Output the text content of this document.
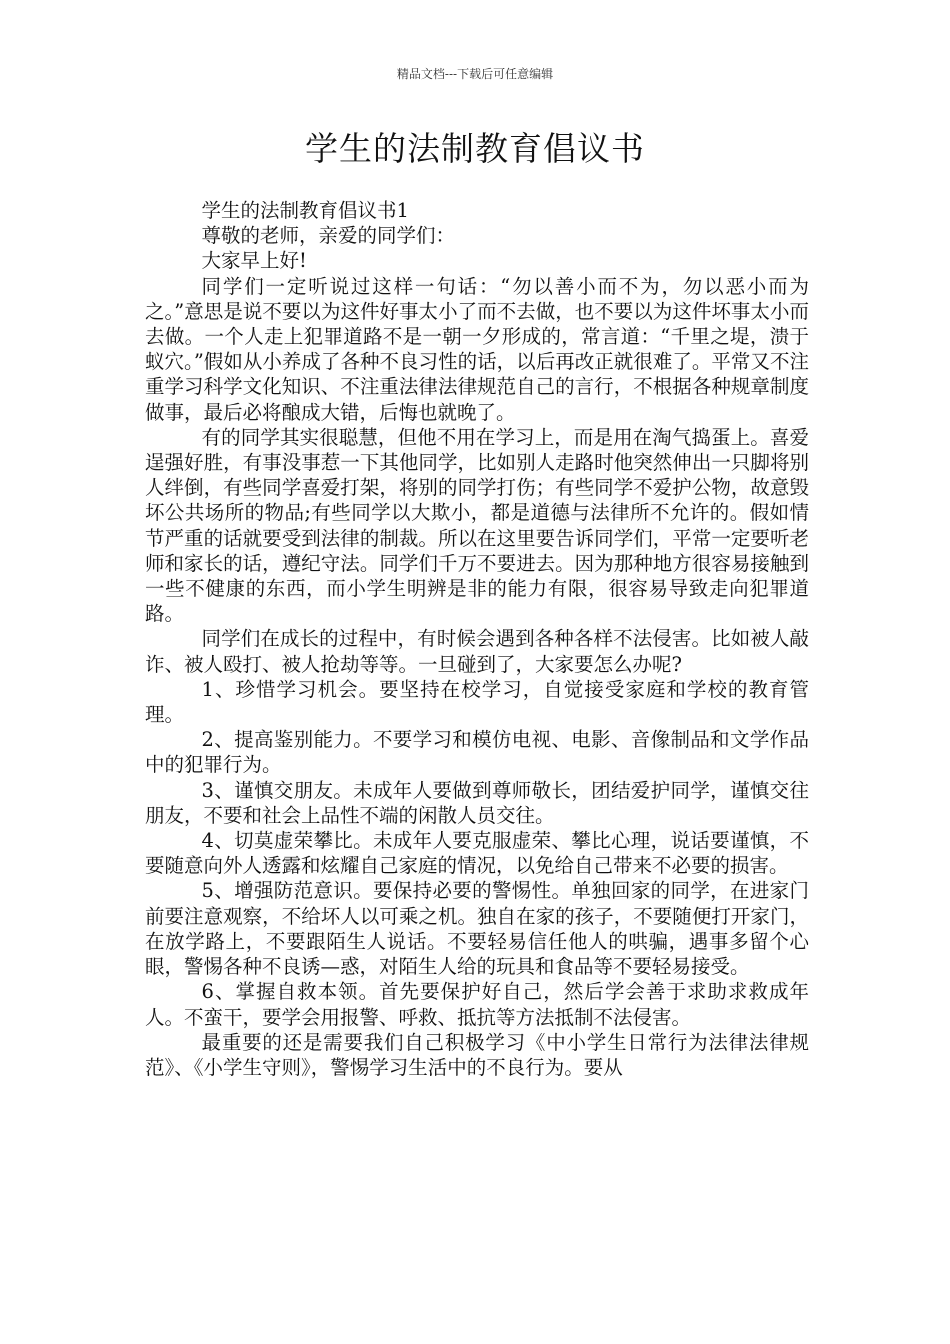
精品文档---下载后可任意编辑
学生的法制教育倡议书

学生的法制教育倡议书1

尊敬的老师，亲爱的同学们：

大家早上好!

同学们一定听说过这样一句话：“勿以善小而不为，勿以恶小而为之。”意思是说不要以为这件好事太小了而不去做，也不要以为这件坏事太小而去做。一个人走上犯罪道路不是一朝一夕形成的，常言道：“千里之堤，溃于蚁穴。”假如从小养成了各种不良习性的话，以后再改正就很难了。平常又不注重学习科学文化知识、不注重法律法律规范自己的言行，不根据各种规章制度做事，最后必将酿成大错，后悔也就晚了。

有的同学其实很聪慧，但他不用在学习上，而是用在淘气捣蛋上。喜爱逞强好胜，有事没事惹一下其他同学，比如别人走路时他突然伸出一只脚将别人绊倒，有些同学喜爱打架，将别的同学打伤；有些同学不爱护公物，故意毁坏公共场所的物品;有些同学以大欺小，都是道德与法律所不允许的。假如情节严重的话就要受到法律的制裁。所以在这里要告诉同学们，平常一定要听老师和家长的话，遵纪守法。同学们千万不要进去。因为那种地方很容易接触到一些不健康的东西，而小学生明辨是非的能力有限，很容易导致走向犯罪道路。

同学们在成长的过程中，有时候会遇到各种各样不法侵害。比如被人敲诈、被人殴打、被人抢劫等等。一旦碰到了，大家要怎么办呢?

1、珍惜学习机会。要坚持在校学习，自觉接受家庭和学校的教育管理。

2、提高鉴别能力。不要学习和模仿电视、电影、音像制品和文学作品中的犯罪行为。

3、谨慎交朋友。未成年人要做到尊师敬长，团结爱护同学，谨慎交往朋友，不要和社会上品性不端的闲散人员交往。

4、切莫虚荣攀比。未成年人要克服虚荣、攀比心理，说话要谨慎，不要随意向外人透露和炫耀自己家庭的情况，以免给自己带来不必要的损害。

5、增强防范意识。要保持必要的警惕性。单独回家的同学，在进家门前要注意观察，不给坏人以可乘之机。独自在家的孩子，不要随便打开家门，在放学路上，不要跟陌生人说话。不要轻易信任他人的哄骗，遇事多留个心眼，警惕各种不良诱—惑，对陌生人给的玩具和食品等不要轻易接受。

6、掌握自救本领。首先要保护好自己，然后学会善于求助求救成年人。不蛮干，要学会用报警、呼救、抵抗等方法抵制不法侵害。

最重要的还是需要我们自己积极学习《中小学生日常行为法律法律规范》、《小学生守则》，警惕学习生活中的不良行为。要从
